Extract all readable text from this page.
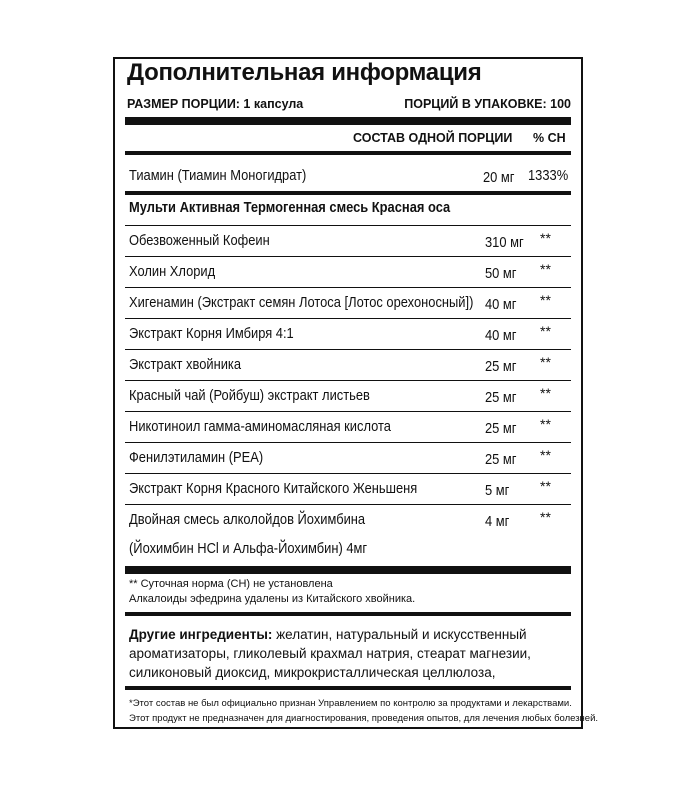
Дополнительная информация
РАЗМЕР ПОРЦИИ: 1 капсула	ПОРЦИЙ В УПАКОВКЕ: 100
СОСТАВ ОДНОЙ ПОРЦИИ % СН
Тиамин (Тиамин Моногидрат)	20 мг 1333%
Мульти Активная Термогенная смесь Красная оса
Обезвоженный Кофеин	310 мг **
Холин Хлорид	50 мг **
Хигенамин (Экстракт семян Лотоса [Лотос орехоносный]) 40 мг **
Экстракт Корня Имбиря 4:1	40 мг **
Экстракт хвойника	25 мг **
Красный чай (Ройбуш) экстракт листьев	25 мг **
Никотиноил гамма-аминомасляная кислота	25 мг **
Фенилэтиламин (PEA)	25 мг **
Экстракт Корня Красного Китайского Женьшеня	5 мг **
Двойная смесь алколойдов Йохимбина	4 мг **
(Йохимбин HCl и Альфа-Йохимбин) 4мг
** Суточная норма (СН) не установлена
Алкалоиды эфедрина удалены из Китайского хвойника.
Другие ингредиенты: желатин, натуральный и искусственный ароматизаторы, гликолевый крахмал натрия, стеарат магнезии, силиконовый диоксид, микрокристаллическая целлюлоза,
*Этот состав не был официально признан Управлением по контролю за продуктами и лекарствами.
Этот продукт не предназначен для диагностирования, проведения опытов, для лечения любых болезней.
